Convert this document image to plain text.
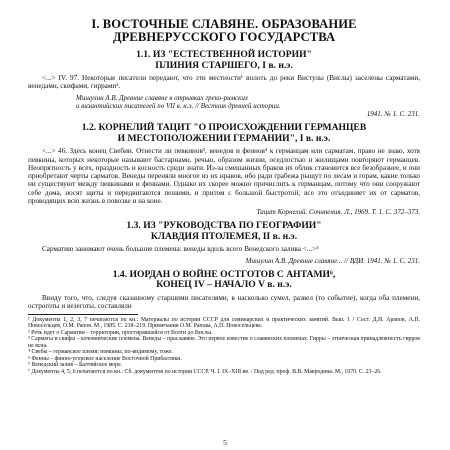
I. ВОСТОЧНЫЕ СЛАВЯНЕ. ОБРАЗОВАНИЕ
ДРЕВНЕРУССКОГО ГОСУДАРСТВА
1.1. ИЗ "ЕСТЕСТВЕННОЙ ИСТОРИИ"
ПЛИНИЯ СТАРШЕГО, I в. н.э.
<...> IV. 97. Некоторые писатели передают, что эти местности¹ вплоть до реки Вистулы (Вислы) заселены сарматами, венедами, скифами, гиррами².
Мишулин А.В. Древние славяне в отрывках греко-римских
и византийских писателей по VII в. н.э. // Вестник древней истории.
1941. № 1. С. 231.
1.2. КОРНЕЛИЙ ТАЦИТ "О ПРОИСХОЖДЕНИИ ГЕРМАНЦЕВ
И МЕСТОПОЛОЖЕНИИ ГЕРМАНИИ", I в. н.э.
<...> 46. Здесь конец Свебии. Отнести ли певкинов³, венедов и феннов⁴ к германцам или сарматам, право не знаю, хотя певкины, которых некоторые называют бастарнами, речью, образом жизни, оседлостью и жилищами повторяют германцев. Неопрятность у всех, праздность и косность среди знати. Из-за смешанных браков их облик становится все безобразнее, и они приобретают черты сарматов. Венеды переняли многое из их нравов, ибо ради грабежа рыщут по лесам и горам, какие только ни существуют между певкинами и феннами. Однако их скорее можно причислить к германцам, потому что они сооружают себе дома, носят щиты и передвигаются пешими, и притом с большой быстротой; все это отъединяет их от сарматов, проводящих всю жизнь в повозке и на коне.
Тацит Корнелий. Сочинения. Л., 1969. Т. 1. С. 372–373.
1.3. ИЗ "РУКОВОДСТВА ПО ГЕОГРАФИИ"
КЛАВДИЯ ПТОЛЕМЕЯ, II в. н.э.
Сарматию занимают очень большие племена: венеды вдоль всего Венедского залива <...>⁵
Мишулин А.В. Древние славяне... // ВДИ. 1941. № 1. С. 231.
1.4. ИОРДАН О ВОЙНЕ ОСТГОТОВ С АНТАМИ⁶,
КОНЕЦ IV – НАЧАЛО V в. н.э.
Ввиду того, что, следуя сказанному старшими писателями, в насколько сумел, развел (то событие), когда оба племени, остроготы и везеготы, составляли
¹ Документы 1, 2, 3, 7 печатаются по кн.: Материалы по истории СССР для семинарских и практических занятий. Вып. 1 / Сост. Д.И. Арапов, А.П. Новосельцев, О.М. Рапов. М., 1985. С. 218–219. Примечания О.М. Рапова, А.П. Новосельцева.
² Речь идет о Сарматии – территории, простиравшейся от Волги до Вислы.
³ Сарматы и скифы – кочевнические племена. Венеды – праславяне. Это первое известие о славянских племенах. Гирры – этническая принадлежность гирров не ясна.
⁴ Свебы – германское племя; певкины, по-видимому, тоже.
⁵ Фенны – финно-угорское население Восточной Прибалтики.
⁶ Венедский залив – Балтийское море.
⁷ Документы 4, 5, 6 печатаются по кн.: Сб. документов по истории СССР. Ч. I. IX–XIII вв. / Под ред. проф. В.В. Мавродина. М., 1970. С. 23–26.
5
